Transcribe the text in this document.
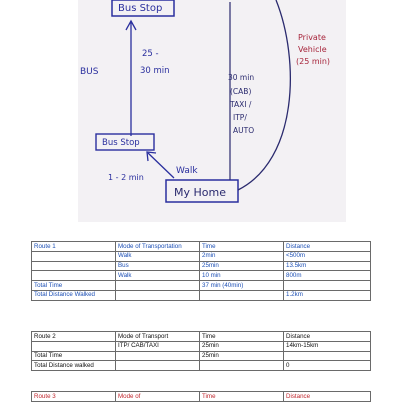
Bus Stop
BUS
25 -
30 min
Bus Stop
Walk
1 - 2 min
My Home
30 min
(CAB)
TAXI /
ITP/
AUTO
Private
Vehicle
(25 min)
Route 1	Mode of Transportation	Time	Distance
	Walk	2min	<500m
	Bus	25min	13.5km
	Walk	10 min	800m
Total Time		37 min (40min)	
Total Distance Walked			1.2km
Route 2	Mode of Transport	Time	Distance
	ITP/ CAB/TAXI	25min	14km-15km
Total Time		25min	
Total Distance walked			0
Route 3	Mode of	Time	Distance
